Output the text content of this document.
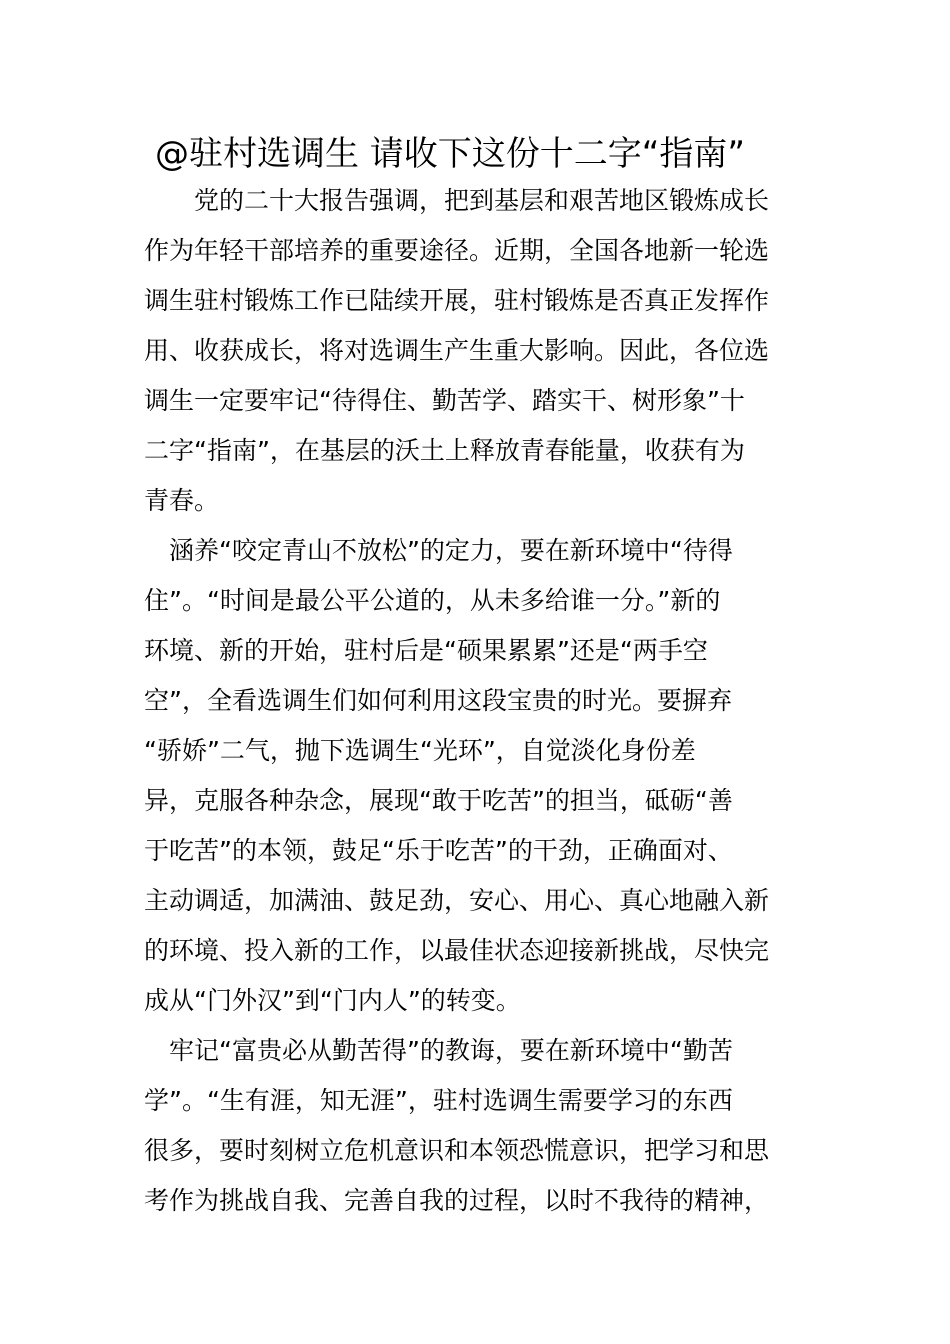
@驻村选调生 请收下这份十二字“指南”
　　党的二十大报告强调，把到基层和艰苦地区锻炼成长
作为年轻干部培养的重要途径。近期，全国各地新一轮选
调生驻村锻炼工作已陆续开展，驻村锻炼是否真正发挥作
用、收获成长，将对选调生产生重大影响。因此，各位选
调生一定要牢记“待得住、勤苦学、踏实干、树形象”十
二字“指南”，在基层的沃土上释放青春能量，收获有为
青春。
　涵养“咬定青山不放松”的定力，要在新环境中“待得
住”。“时间是最公平公道的，从未多给谁一分。”新的
环境、新的开始，驻村后是“硕果累累”还是“两手空
空”，全看选调生们如何利用这段宝贵的时光。要摒弃
“骄娇”二气，抛下选调生“光环”，自觉淡化身份差
异，克服各种杂念，展现“敢于吃苦”的担当，砥砺“善
于吃苦”的本领，鼓足“乐于吃苦”的干劲，正确面对、
主动调适，加满油、鼓足劲，安心、用心、真心地融入新
的环境、投入新的工作，以最佳状态迎接新挑战，尽快完
成从“门外汉”到“门内人”的转变。
　牢记“富贵必从勤苦得”的教诲，要在新环境中“勤苦
学”。“生有涯，知无涯”，驻村选调生需要学习的东西
很多，要时刻树立危机意识和本领恐慌意识，把学习和思
考作为挑战自我、完善自我的过程，以时不我待的精神，
